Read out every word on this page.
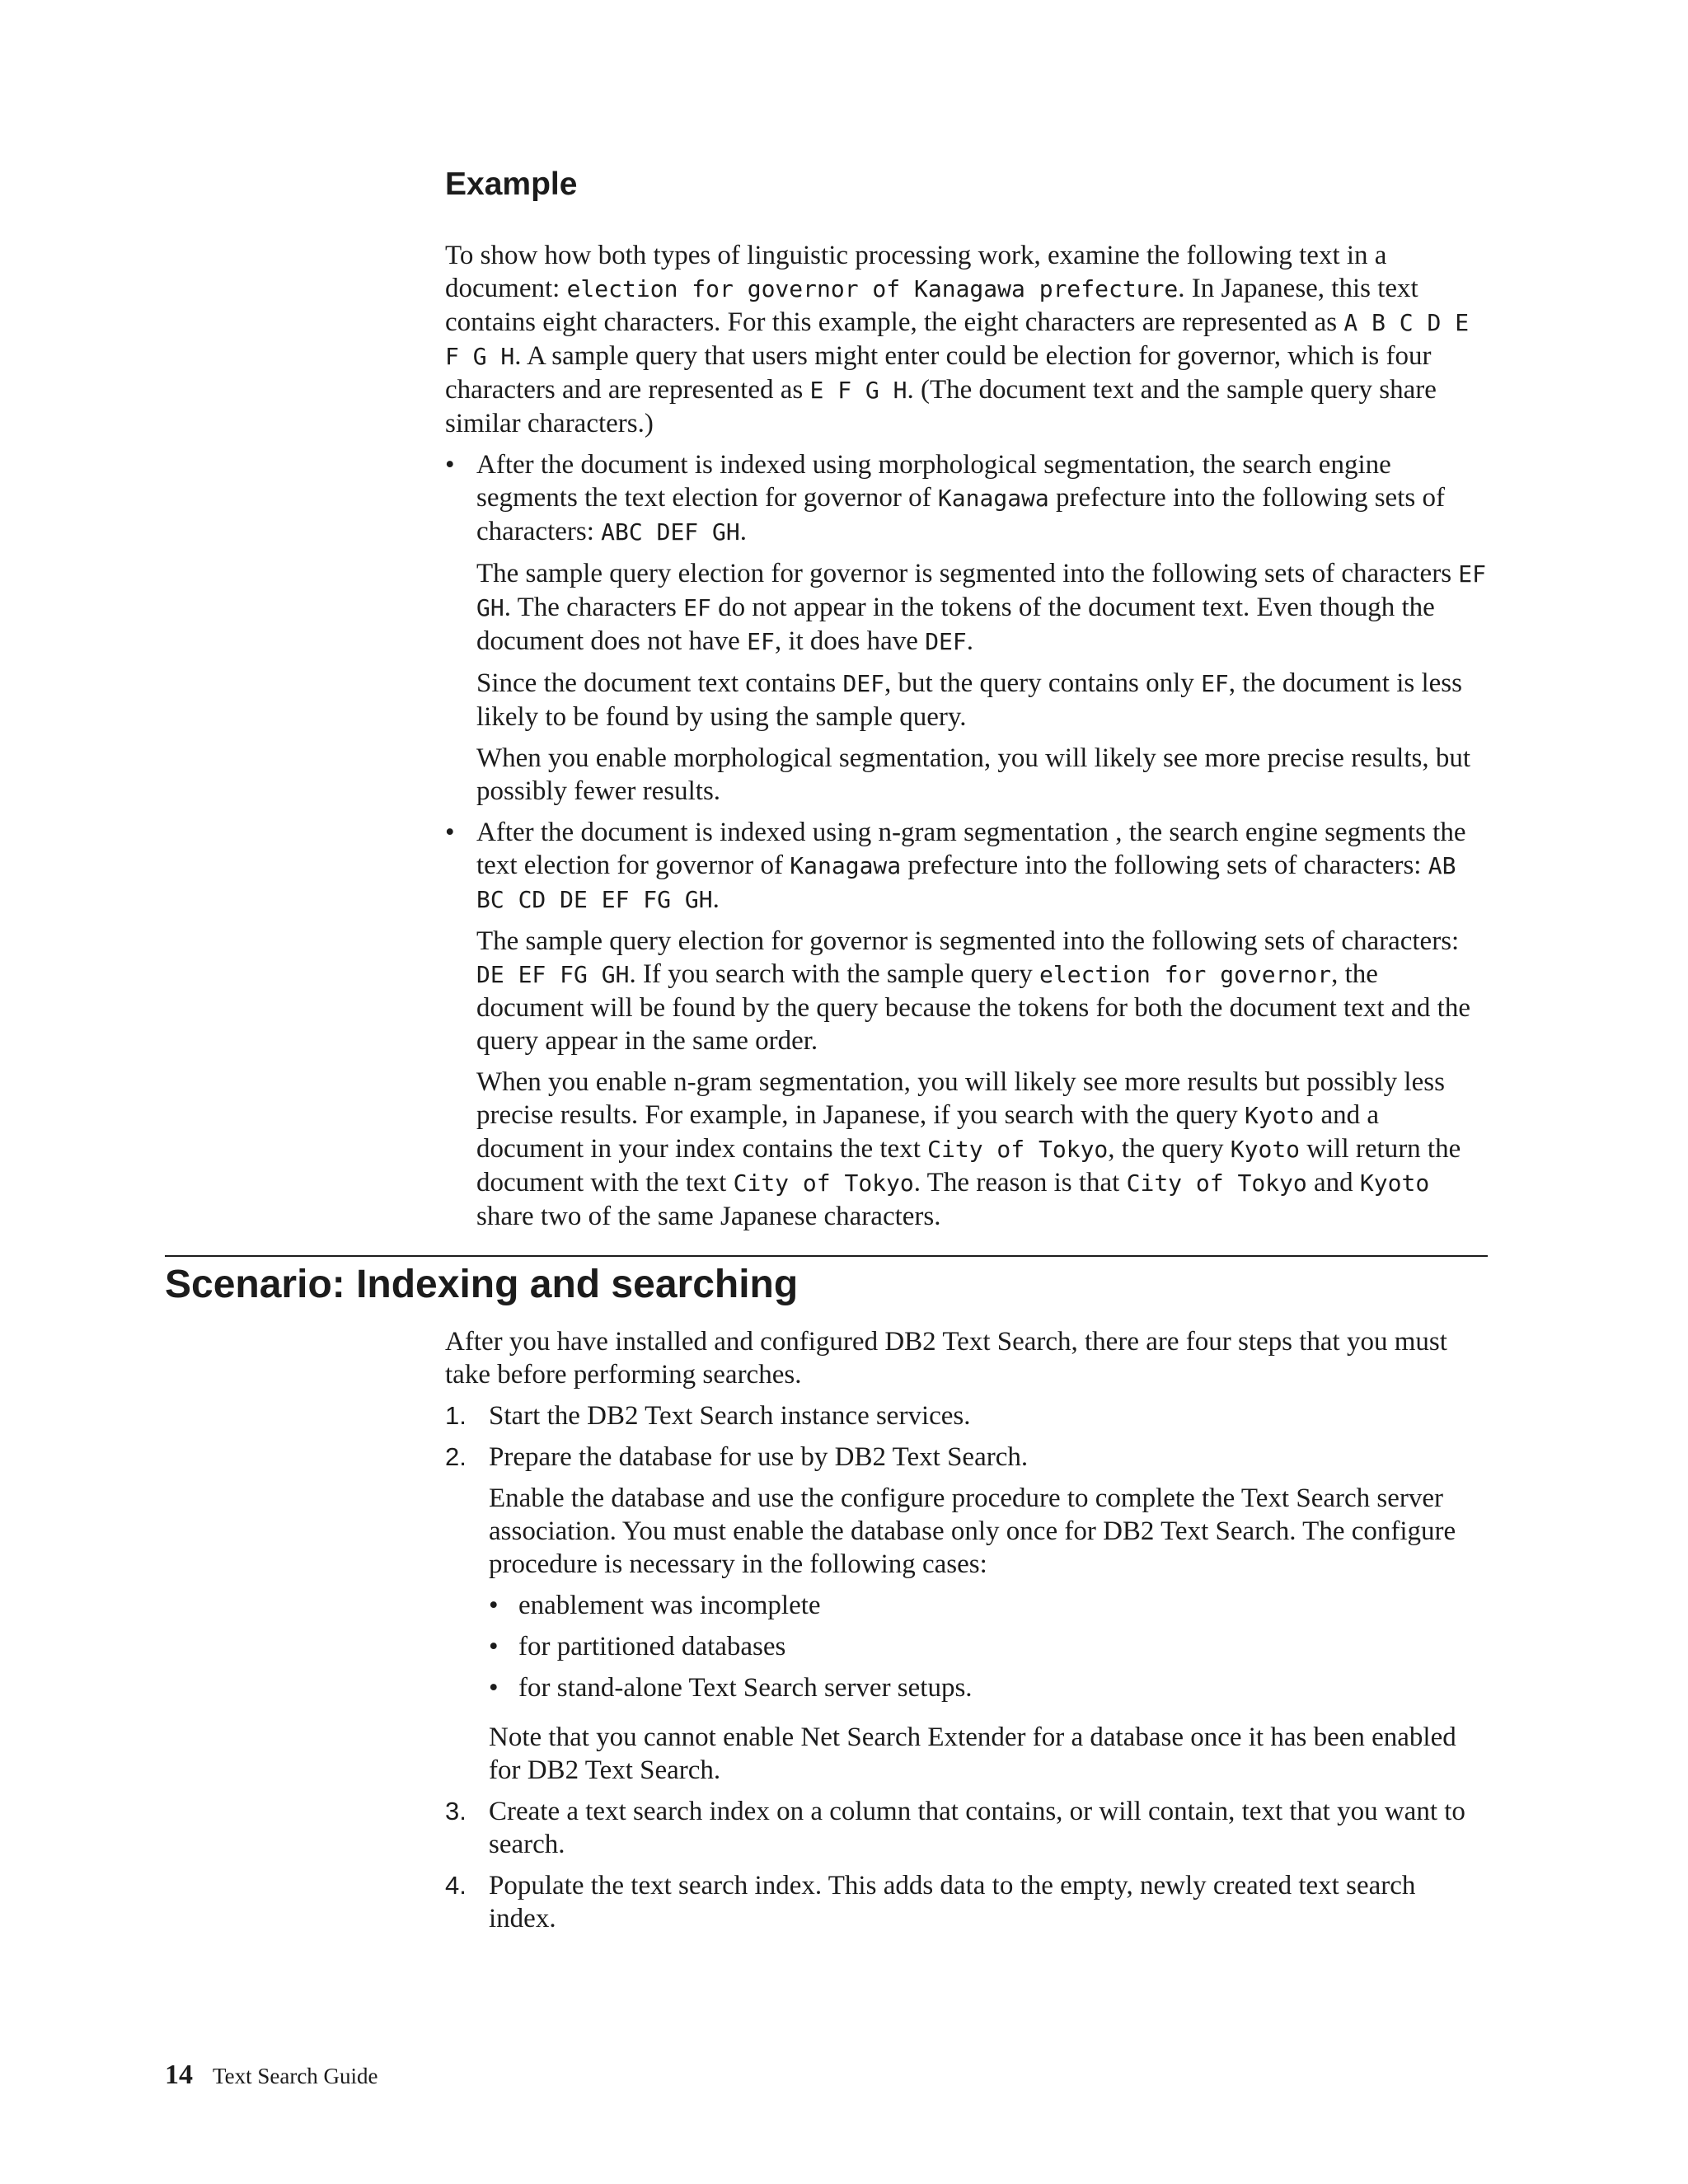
Example

To show how both types of linguistic processing work, examine the following text in a document: election for governor of Kanagawa prefecture. In Japanese, this text contains eight characters. For this example, the eight characters are represented as A B C D E F G H. A sample query that users might enter could be election for governor, which is four characters and are represented as E F G H. (The document text and the sample query share similar characters.)

• After the document is indexed using morphological segmentation, the search engine segments the text election for governor of Kanagawa prefecture into the following sets of characters: ABC DEF GH.
The sample query election for governor is segmented into the following sets of characters EF GH. The characters EF do not appear in the tokens of the document text. Even though the document does not have EF, it does have DEF.
Since the document text contains DEF, but the query contains only EF, the document is less likely to be found by using the sample query.
When you enable morphological segmentation, you will likely see more precise results, but possibly fewer results.
• After the document is indexed using n-gram segmentation , the search engine segments the text election for governor of Kanagawa prefecture into the following sets of characters: AB BC CD DE EF FG GH.
The sample query election for governor is segmented into the following sets of characters: DE EF FG GH. If you search with the sample query election for governor, the document will be found by the query because the tokens for both the document text and the query appear in the same order.
When you enable n-gram segmentation, you will likely see more results but possibly less precise results. For example, in Japanese, if you search with the query Kyoto and a document in your index contains the text City of Tokyo, the query Kyoto will return the document with the text City of Tokyo. The reason is that City of Tokyo and Kyoto share two of the same Japanese characters.
Scenario: Indexing and searching

After you have installed and configured DB2 Text Search, there are four steps that you must take before performing searches.

1. Start the DB2 Text Search instance services.
2. Prepare the database for use by DB2 Text Search.
Enable the database and use the configure procedure to complete the Text Search server association. You must enable the database only once for DB2 Text Search. The configure procedure is necessary in the following cases:
• enablement was incomplete
• for partitioned databases
• for stand-alone Text Search server setups.
Note that you cannot enable Net Search Extender for a database once it has been enabled for DB2 Text Search.
3. Create a text search index on a column that contains, or will contain, text that you want to search.
4. Populate the text search index. This adds data to the empty, newly created text search index.
14 Text Search Guide
